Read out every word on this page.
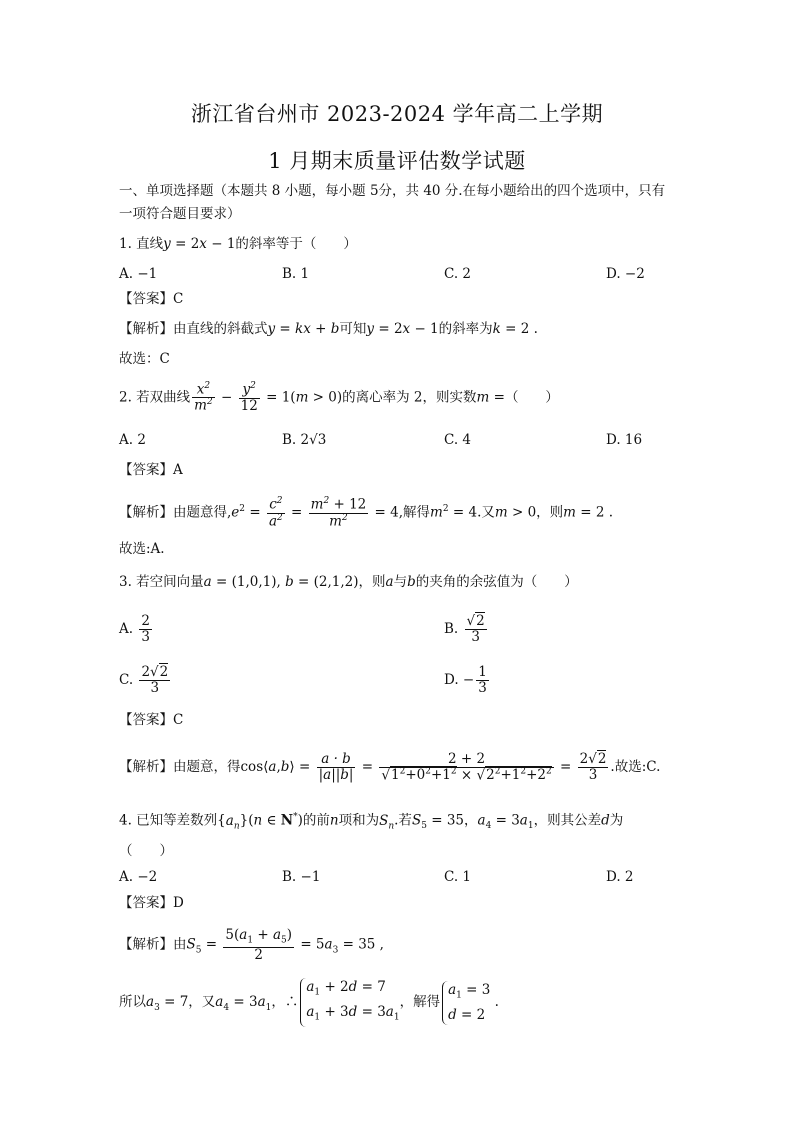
浙江省台州市 2023-2024 学年高二上学期
1 月期末质量评估数学试题
一、单项选择题（本题共 8 小题，每小题 5分，共 40 分.在每小题给出的四个选项中，只有
一项符合题目要求）
1. 直线y = 2x − 1的斜率等于（　　）
A. −1	B. 1	C. 2	D. −2
【答案】C
【解析】由直线的斜截式y = kx + b可知y = 2x − 1的斜率为k = 2 .
故选：C
2. 若双曲线 $\frac{x^2}{m^2} - \frac{y^2}{12} = 1(m > 0)$的离心率为 2，则实数m =（　　）
A. 2	B. 2√3	C. 4	D. 16
【答案】A
【解析】由题意得$,e^2 = \frac{c^2}{a^2} = \frac{m^2 + 12}{m^2} = 4$,解得$m^2 = 4$.又m > 0，则m = 2 .
故选:A.
3. 若空间向量a = (1,0,1), b = (2,1,2)，则a与b的夹角的余弦值为（　　）
A. $\frac{2}{3}$	B. $\frac{√2}{3}$
C. $\frac{2√2}{3}$	D. − $\frac{1}{3}$
【答案】C
【解析】由题意，得cos⟨a,b⟩ = $\frac{a \cdot b}{|a||b|} = \frac{2 + 2}{√1^2+0^2+1^2 \times √2^2+1^2+2^2} = \frac{2√2}{3}$ .故选:C.
4. 已知等差数列$\{a_n\}(n$ ∈ N*)的前n项和为$S_n$.若$S_5 = 35$，$a_4 = 3a_1$，则其公差d为
（　　）
A. −2	B. −1	C. 1	D. 2
【答案】D
【解析】由$S_5 = \frac{5(a_1 + a_5)}{2} = 5a_3 = 35$ ,
所以$a_3 = 7$，又$a_4 = 3a_1$，$\therefore a_1 + 2d = 7$
$a_1 + 3d = 3a_1$，解得$a_1 = 3$
d = 2 .
